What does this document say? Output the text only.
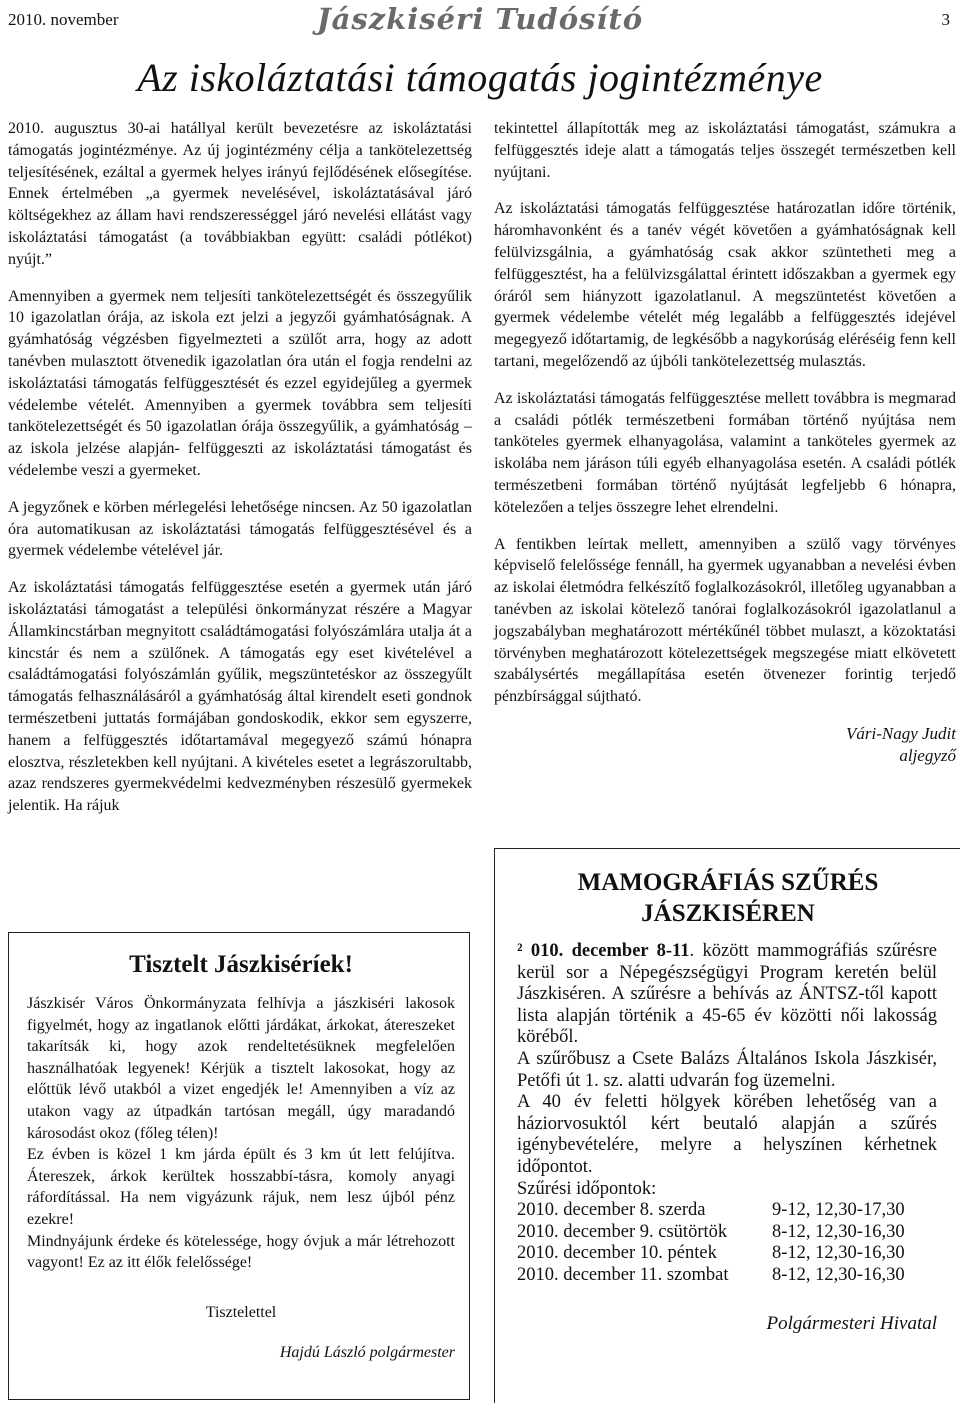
2010. november	Jászkiséri Tudósító	3
Az iskoláztatási támogatás jogintézménye

2010. augusztus 30-ai hatállyal került bevezetésre az iskoláztatási támogatás jogintézménye. Az új jogintézmény célja a tankötelezettség teljesítésének, ezáltal a gyermek helyes irányú fejlődésének elősegítése. Ennek értelmében „a gyermek nevelésével, iskoláztatásával járó költségekhez az állam havi rendszerességgel járó nevelési ellátást vagy iskoláztatási támogatást (a továbbiakban együtt: családi pótlékot) nyújt.”

Amennyiben a gyermek nem teljesíti tankötelezettségét és összegyűlik 10 igazolatlan órája, az iskola ezt jelzi a jegyzői gyámhatóságnak. A gyámhatóság végzésben figyelmezteti a szülőt arra, hogy az adott tanévben mulasztott ötvenedik igazolatlan óra után el fogja rendelni az iskoláztatási támogatás felfüggesztését és ezzel egyidejűleg a gyermek védelembe vételét. Amennyiben a gyermek továbbra sem teljesíti tankötelezettségét és 50 igazolatlan órája összegyűlik, a gyámhatóság – az iskola jelzése alapján- felfüggeszti az iskoláztatási támogatást és védelembe veszi a gyermeket.

A jegyzőnek e körben mérlegelési lehetősége nincsen. Az 50 igazolatlan óra automatikusan az iskoláztatási támogatás felfüggesztésével és a gyermek védelembe vételével jár.

Az iskoláztatási támogatás felfüggesztése esetén a gyermek után járó iskoláztatási támogatást a települési önkormányzat részére a Magyar Államkincstárban megnyitott családtámogatási folyószámlára utalja át a kincstár és nem a szülőnek. A támogatás egy eset kivételével a családtámogatási folyószámlán gyűlik, megszüntetéskor az összegyűlt támogatás felhasználásáról a gyámhatóság által kirendelt eseti gondnok természetbeni juttatás formájában gondoskodik, ekkor sem egyszerre, hanem a felfüggesztés időtartamával megegyező számú hónapra elosztva, részletekben kell nyújtani. A kivételes esetet a legrászorultabb, azaz rendszeres gyermekvédelmi kedvezményben részesülő gyermekek jelentik. Ha rájuk

tekintettel állapították meg az iskoláztatási támogatást, számukra a felfüggesztés ideje alatt a támogatás teljes összegét természetben kell nyújtani.

Az iskoláztatási támogatás felfüggesztése határozatlan időre történik, háromhavonként és a tanév végét követően a gyámhatóságnak kell felülvizsgálnia, a gyámhatóság csak akkor szüntetheti meg a felfüggesztést, ha a felülvizsgálattal érintett időszakban a gyermek egy óráról sem hiányzott igazolatlanul. A megszüntetést követően a gyermek védelembe vételét még legalább a felfüggesztés idejével megegyező időtartamig, de legkésőbb a nagykorúság eléréséig fenn kell tartani, megelőzendő az újbóli tankötelezettség mulasztás.

Az iskoláztatási támogatás felfüggesztése mellett továbbra is megmarad a családi pótlék természetbeni formában történő nyújtása nem tanköteles gyermek elhanyagolása, valamint a tanköteles gyermek az iskolába nem járáson túli egyéb elhanyagolása esetén. A családi pótlék természetbeni formában történő nyújtását legfeljebb 6 hónapra, kötelezően a teljes összegre lehet elrendelni.

A fentikben leírtak mellett, amennyiben a szülő vagy törvényes képviselő felelőssége fennáll, ha gyermek ugyanabban a nevelési évben az iskolai életmódra felkészítő foglalkozásokról, illetőleg ugyanabban a tanévben az iskolai kötelező tanórai foglalkozásokról igazolatlanul a jogszabályban meghatározott mértékűnél többet mulaszt, a közoktatási törvényben meghatározott kötelezettségek megszegése miatt elkövetett szabálysértés megállapítása esetén ötvenezer forintig terjedő pénzbírsággal sújtható.

Vári-Nagy Judit
aljegyző
Tisztelt Jászkiséríek!

Jászkisér Város Önkormányzata felhívja a jászkiséri lakosok figyelmét, hogy az ingatlanok előtti járdákat, árkokat, átereszeket takarítsák ki, hogy azok rendeltetésüknek megfelelően használhatóak legyenek! Kérjük a tisztelt lakosokat, hogy az előttük lévő utakból a vizet engedjék le! Amennyiben a víz az utakon vagy az útpadkán tartósan megáll, úgy maradandó károsodást okoz (főleg télen)!

Ez évben is közel 1 km járda épült és 3 km út lett felújítva. Átereszek, árkok kerültek hosszabbí-tásra, komoly anyagi ráfordítással. Ha nem vigyázunk rájuk, nem lesz újból pénz ezekre!

Mindnyájunk érdeke és kötelessége, hogy óvjuk a már létrehozott vagyont! Ez az itt élők felelőssége!

Tisztelettel
Hajdú László polgármester
MAMOGRÁFIÁS SZŰRÉS
JÁSZKISÉREN

² 010. december 8-11. között mammográfiás szűrésre kerül sor a Népegészségügyi Program keretén belül Jászkiséren. A szűrésre a behívás az ÁNTSZ-től kapott lista alapján történik a 45-65 év közötti női lakosság köréből.

A szűrőbusz a Csete Balázs Általános Iskola Jászkisér, Petőfi út 1. sz. alatti udvarán fog üzemelni.

A 40 év feletti hölgyek körében lehetőség van a háziorvosuktól kért beutaló alapján a szűrés igénybevételére, melyre a helyszínen kérhetnek időpontot.

Szűrési időpontok:

2010. december 8. szerda	9-12, 12,30-17,30
2010. december 9. csütörtök	8-12, 12,30-16,30
2010. december 10. péntek	8-12, 12,30-16,30
2010. december 11. szombat	8-12, 12,30-16,30
Polgármesteri Hivatal
